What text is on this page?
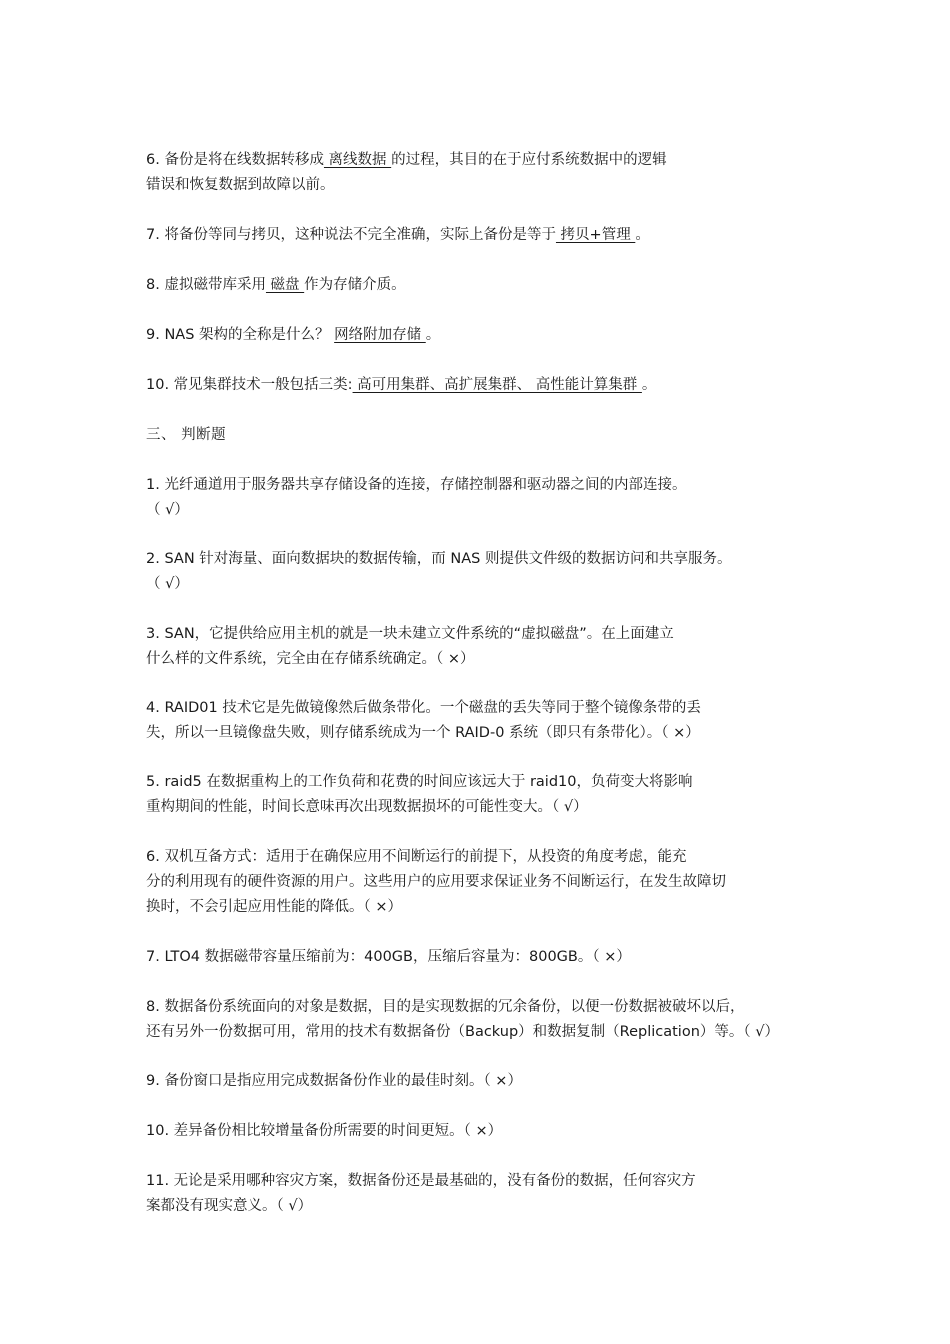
6. 备份是将在线数据转移成 离线数据 的过程，其目的在于应付系统数据中的逻辑
错误和恢复数据到故障以前。

7. 将备份等同与拷贝，这种说法不完全准确，实际上备份是等于 拷贝+管理 。

8. 虚拟磁带库采用 磁盘 作为存储介质。

9. NAS 架构的全称是什么？ 网络附加存储 。

10. 常见集群技术一般包括三类: 高可用集群、高扩展集群、 高性能计算集群 。

三、 判断题

1. 光纤通道用于服务器共享存储设备的连接，存储控制器和驱动器之间的内部连接。
（ √）

2. SAN 针对海量、面向数据块的数据传输，而 NAS 则提供文件级的数据访问和共享服务。
（ √）

3. SAN，它提供给应用主机的就是一块未建立文件系统的“虚拟磁盘”。在上面建立
什么样的文件系统，完全由在存储系统确定。（ ×）

4. RAID01 技术它是先做镜像然后做条带化。一个磁盘的丢失等同于整个镜像条带的丢
失，所以一旦镜像盘失败，则存储系统成为一个 RAID-0 系统（即只有条带化）。（ ×）

5. raid5 在数据重构上的工作负荷和花费的时间应该远大于 raid10，负荷变大将影响
重构期间的性能，时间长意味再次出现数据损坏的可能性变大。（ √）

6. 双机互备方式：适用于在确保应用不间断运行的前提下，从投资的角度考虑，能充
分的利用现有的硬件资源的用户。这些用户的应用要求保证业务不间断运行，在发生故障切
换时，不会引起应用性能的降低。（ ×）

7. LTO4 数据磁带容量压缩前为：400GB，压缩后容量为：800GB。（ ×）

8. 数据备份系统面向的对象是数据，目的是实现数据的冗余备份，以便一份数据被破坏以后，
还有另外一份数据可用，常用的技术有数据备份（Backup）和数据复制（Replication）等。（ √）

9. 备份窗口是指应用完成数据备份作业的最佳时刻。（ ×）

10. 差异备份相比较增量备份所需要的时间更短。（ ×）

11. 无论是采用哪种容灾方案，数据备份还是最基础的，没有备份的数据，任何容灾方
案都没有现实意义。（ √）
